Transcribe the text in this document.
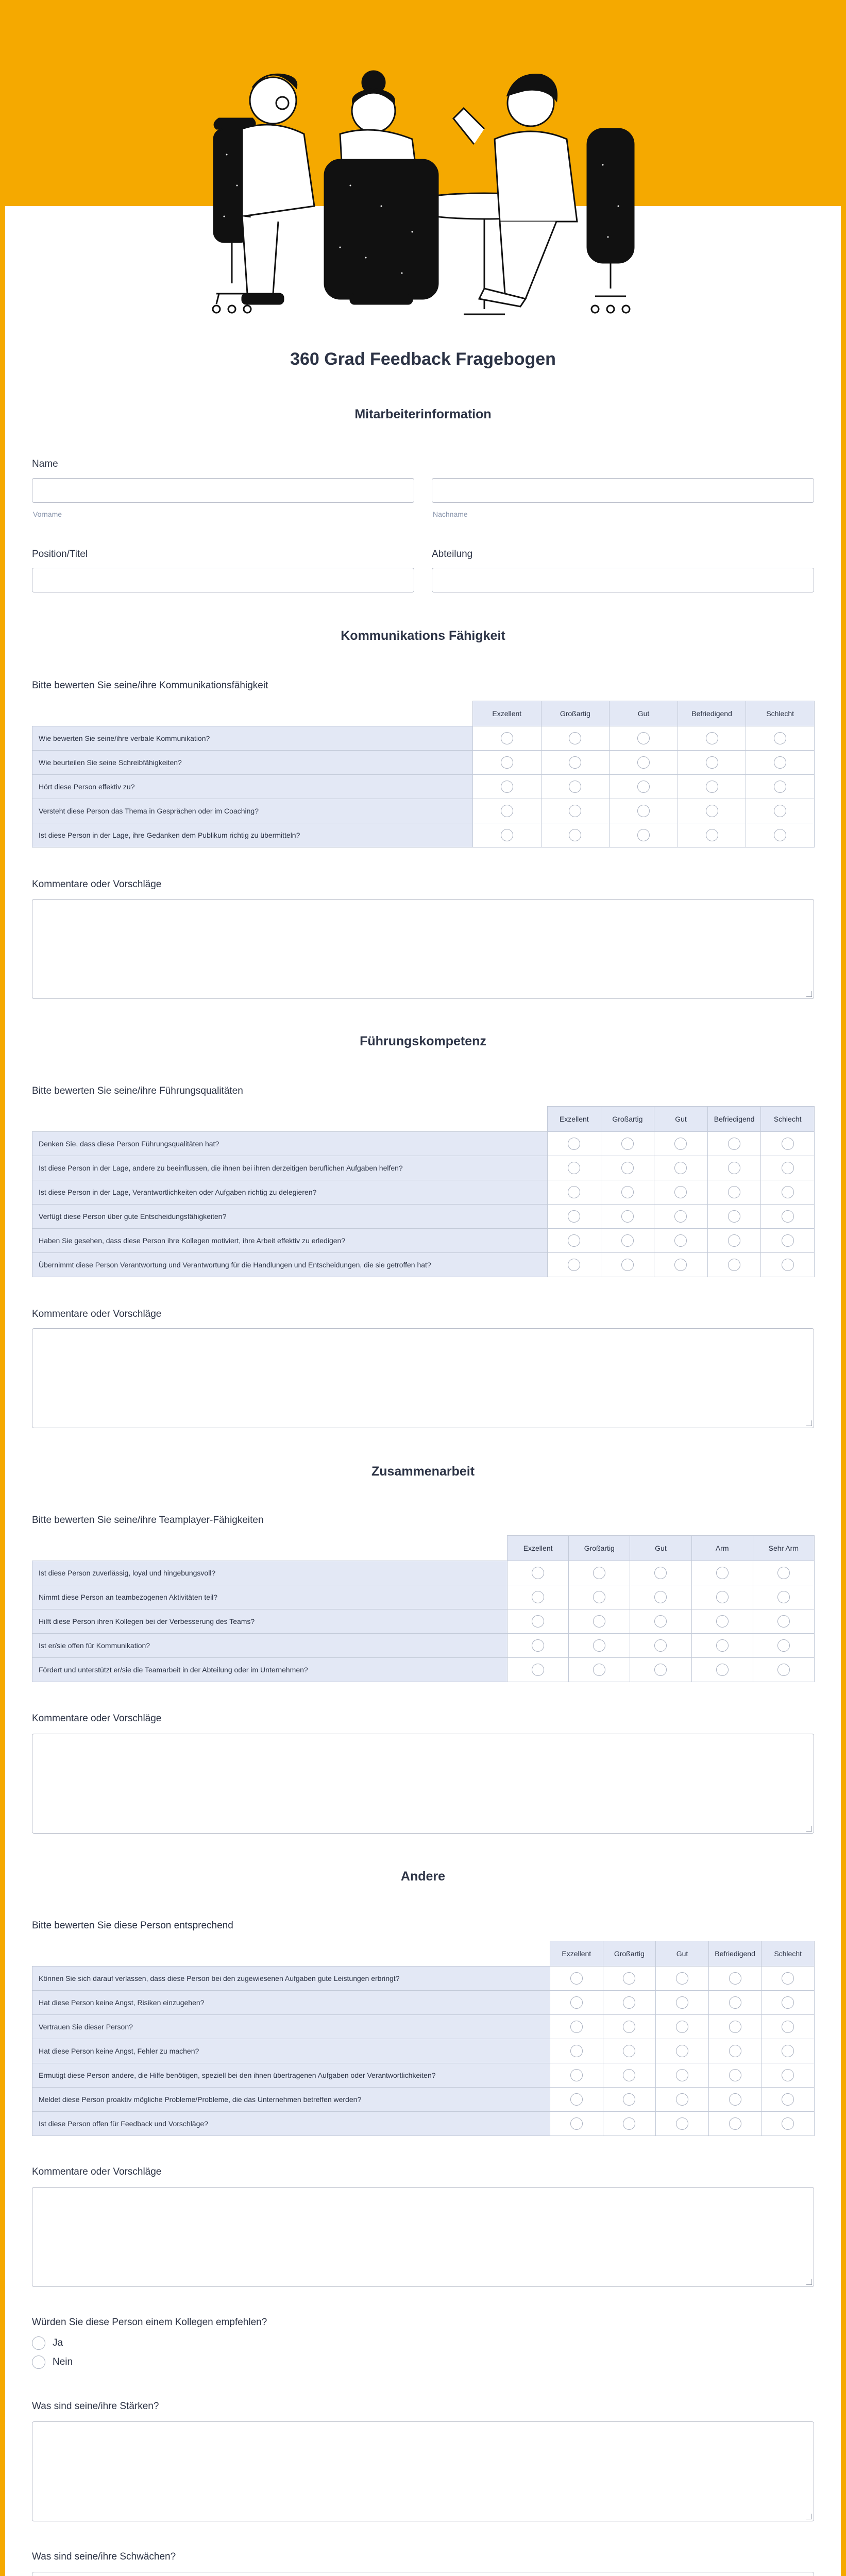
360 Grad Feedback Fragebogen
Mitarbeiterinformation
Name
Vorname	Nachname
Position/Titel	Abteilung
Kommunikations Fähigkeit
Bitte bewerten Sie seine/ihre Kommunikationsfähigkeit
	Exzellent	Großartig	Gut	Befriedigend	Schlecht
Wie bewerten Sie seine/ihre verbale Kommunikation?					
Wie beurteilen Sie seine Schreibfähigkeiten?					
Hört diese Person effektiv zu?					
Versteht diese Person das Thema in Gesprächen oder im Coaching?					
Ist diese Person in der Lage, ihre Gedanken dem Publikum richtig zu übermitteln?					
Kommentare oder Vorschläge
Führungskompetenz
Bitte bewerten Sie seine/ihre Führungsqualitäten
	Exzellent	Großartig	Gut	Befriedigend	Schlecht
Denken Sie, dass diese Person Führungsqualitäten hat?					
Ist diese Person in der Lage, andere zu beeinflussen, die ihnen bei ihren derzeitigen beruflichen Aufgaben helfen?					
Ist diese Person in der Lage, Verantwortlichkeiten oder Aufgaben richtig zu delegieren?					
Verfügt diese Person über gute Entscheidungsfähigkeiten?					
Haben Sie gesehen, dass diese Person ihre Kollegen motiviert, ihre Arbeit effektiv zu erledigen?					
Übernimmt diese Person Verantwortung und Verantwortung für die Handlungen und Entscheidungen, die sie getroffen hat?					
Kommentare oder Vorschläge
Zusammenarbeit
Bitte bewerten Sie seine/ihre Teamplayer-Fähigkeiten
	Exzellent	Großartig	Gut	Arm	Sehr Arm
Ist diese Person zuverlässig, loyal und hingebungsvoll?					
Nimmt diese Person an teambezogenen Aktivitäten teil?					
Hilft diese Person ihren Kollegen bei der Verbesserung des Teams?					
Ist er/sie offen für Kommunikation?					
Fördert und unterstützt er/sie die Teamarbeit in der Abteilung oder im Unternehmen?					
Kommentare oder Vorschläge
Andere
Bitte bewerten Sie diese Person entsprechend
	Exzellent	Großartig	Gut	Befriedigend	Schlecht
Können Sie sich darauf verlassen, dass diese Person bei den zugewiesenen Aufgaben gute Leistungen erbringt?					
Hat diese Person keine Angst, Risiken einzugehen?					
Vertrauen Sie dieser Person?					
Hat diese Person keine Angst, Fehler zu machen?					
Ermutigt diese Person andere, die Hilfe benötigen, speziell bei den ihnen übertragenen Aufgaben oder Verantwortlichkeiten?					
Meldet diese Person proaktiv mögliche Probleme/Probleme, die das Unternehmen betreffen werden?					
Ist diese Person offen für Feedback und Vorschläge?					
Kommentare oder Vorschläge
Würden Sie diese Person einem Kollegen empfehlen?
Ja
Nein
Was sind seine/ihre Stärken?
Was sind seine/ihre Schwächen?
